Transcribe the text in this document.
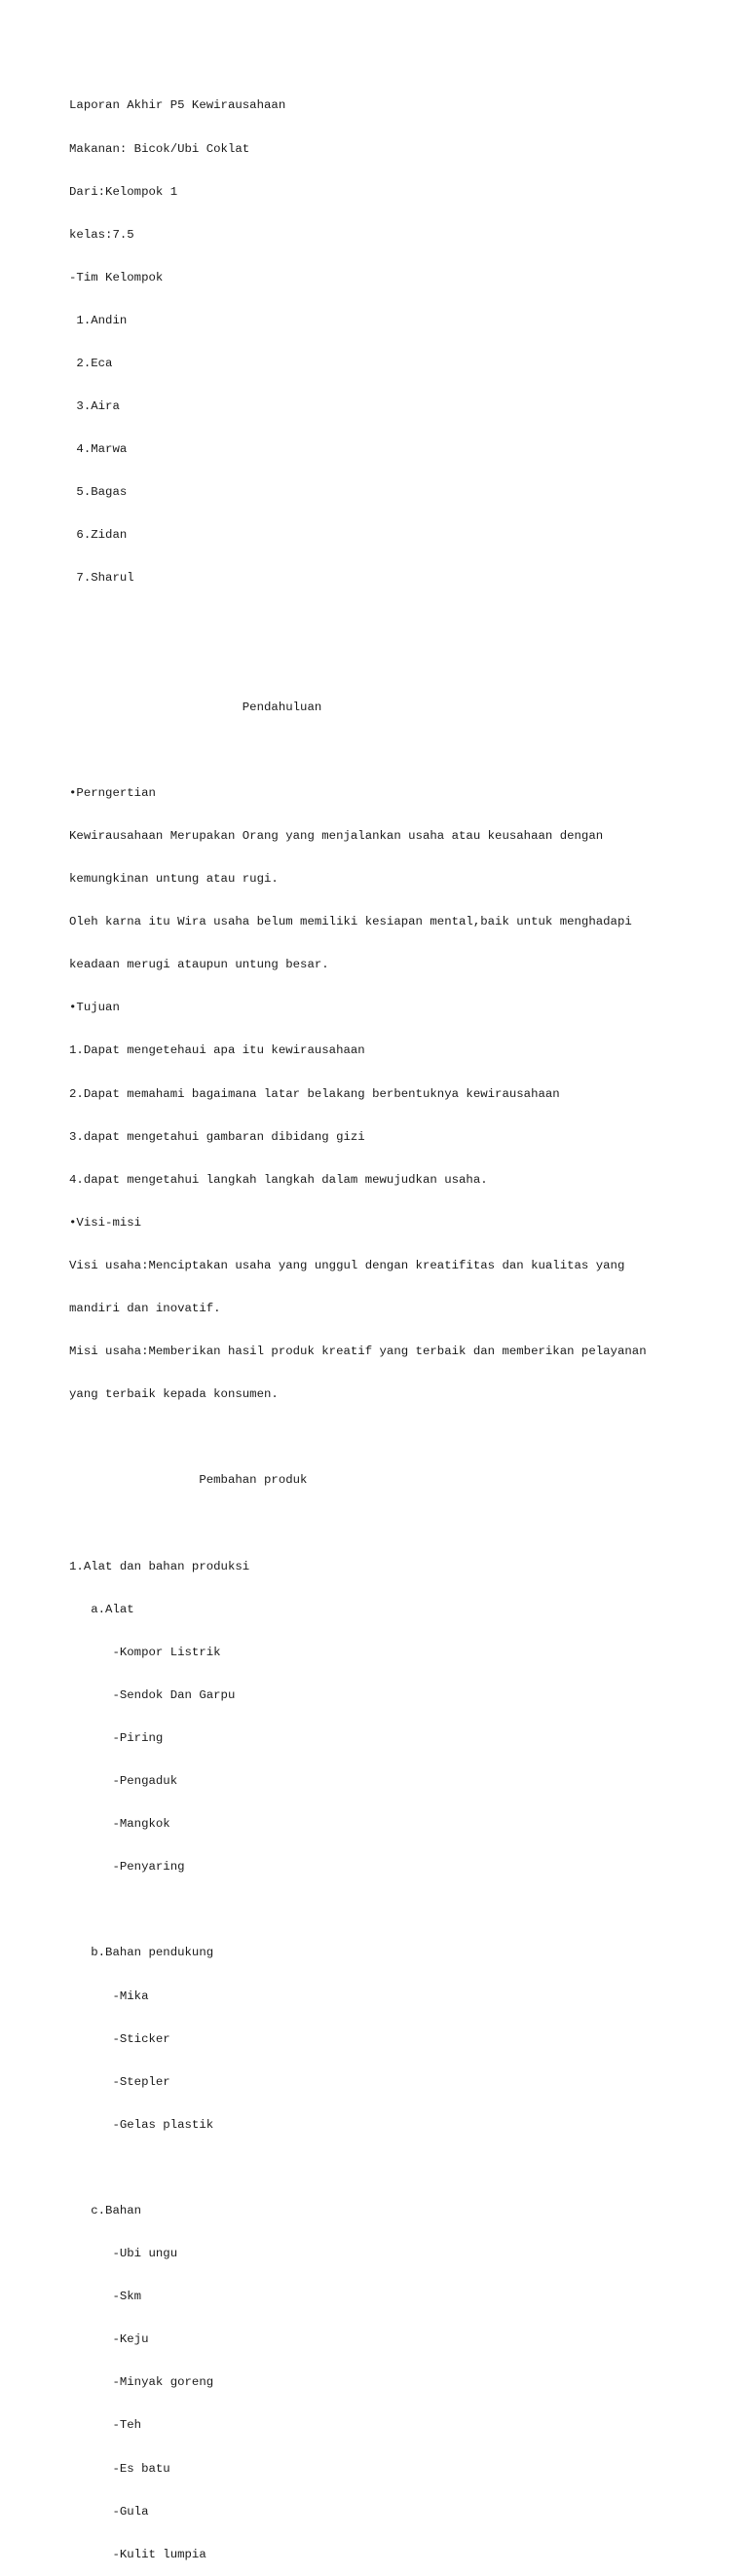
Laporan Akhir P5 Kewirausahaan

Makanan: Bicok/Ubi Coklat

Dari:Kelompok 1

kelas:7.5

-Tim Kelompok

1.Andin

2.Eca

3.Aira

4.Marwa

5.Bagas

6.Zidan

7.Sharul

Pendahuluan

•Perngertian

Kewirausahaan Merupakan Orang yang menjalankan usaha atau keusahaan dengan

kemungkinan untung atau rugi.

Oleh karna itu Wira usaha belum memiliki kesiapan mental,baik untuk menghadapi

keadaan merugi ataupun untung besar.

•Tujuan

1.Dapat mengetehaui apa itu kewirausahaan

2.Dapat memahami bagaimana latar belakang berbentuknya kewirausahaan

3.dapat mengetahui gambaran dibidang gizi

4.dapat mengetahui langkah langkah dalam mewujudkan usaha.

•Visi-misi

Visi usaha:Menciptakan usaha yang unggul dengan kreatifitas dan kualitas yang

mandiri dan inovatif.

Misi usaha:Memberikan hasil produk kreatif yang terbaik dan memberikan pelayanan

yang terbaik kepada konsumen.

Pembahan produk

1.Alat dan bahan produksi

a.Alat

-Kompor Listrik

-Sendok Dan Garpu

-Piring

-Pengaduk

-Mangkok

-Penyaring

b.Bahan pendukung

-Mika

-Sticker

-Stepler

-Gelas plastik

c.Bahan

-Ubi ungu

-Skm

-Keju

-Minyak goreng

-Teh

-Es batu

-Gula

-Kulit lumpia
